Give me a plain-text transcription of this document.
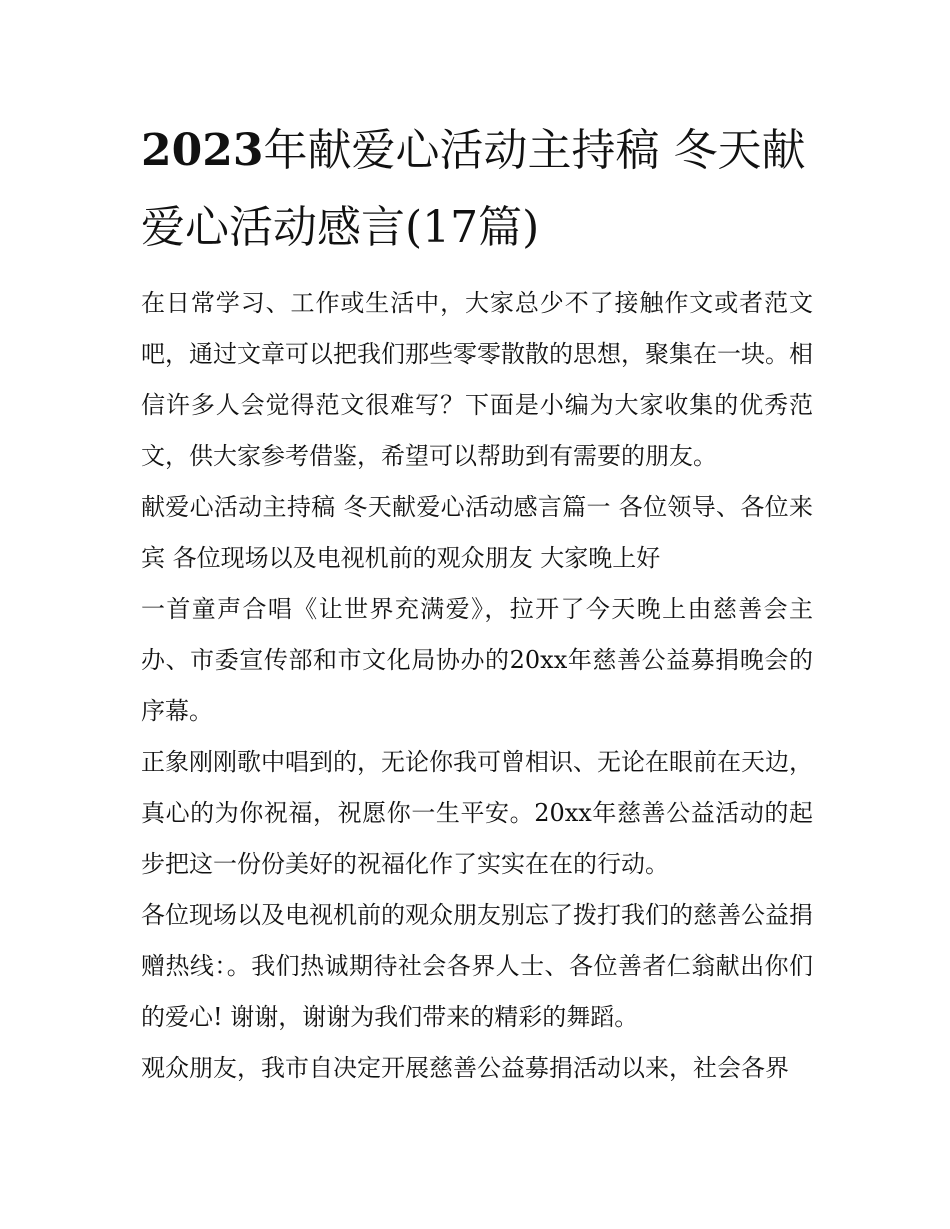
2023年献爱心活动主持稿 冬天献爱心活动感言(17篇)

在日常学习、工作或生活中，大家总少不了接触作文或者范文吧，通过文章可以把我们那些零零散散的思想，聚集在一块。相信许多人会觉得范文很难写？下面是小编为大家收集的优秀范文，供大家参考借鉴，希望可以帮助到有需要的朋友。

献爱心活动主持稿 冬天献爱心活动感言篇一 各位领导、各位来宾 各位现场以及电视机前的观众朋友 大家晚上好

一首童声合唱《让世界充满爱》，拉开了今天晚上由慈善会主办、市委宣传部和市文化局协办的20xx年慈善公益募捐晚会的序幕。

正象刚刚歌中唱到的，无论你我可曾相识、无论在眼前在天边，真心的为你祝福，祝愿你一生平安。20xx年慈善公益活动的起步把这一份份美好的祝福化作了实实在在的行动。

各位现场以及电视机前的观众朋友别忘了拨打我们的慈善公益捐赠热线：。我们热诚期待社会各界人士、各位善者仁翁献出你们的爱心! 谢谢，谢谢为我们带来的精彩的舞蹈。

观众朋友，我市自决定开展慈善公益募捐活动以来，社会各界
